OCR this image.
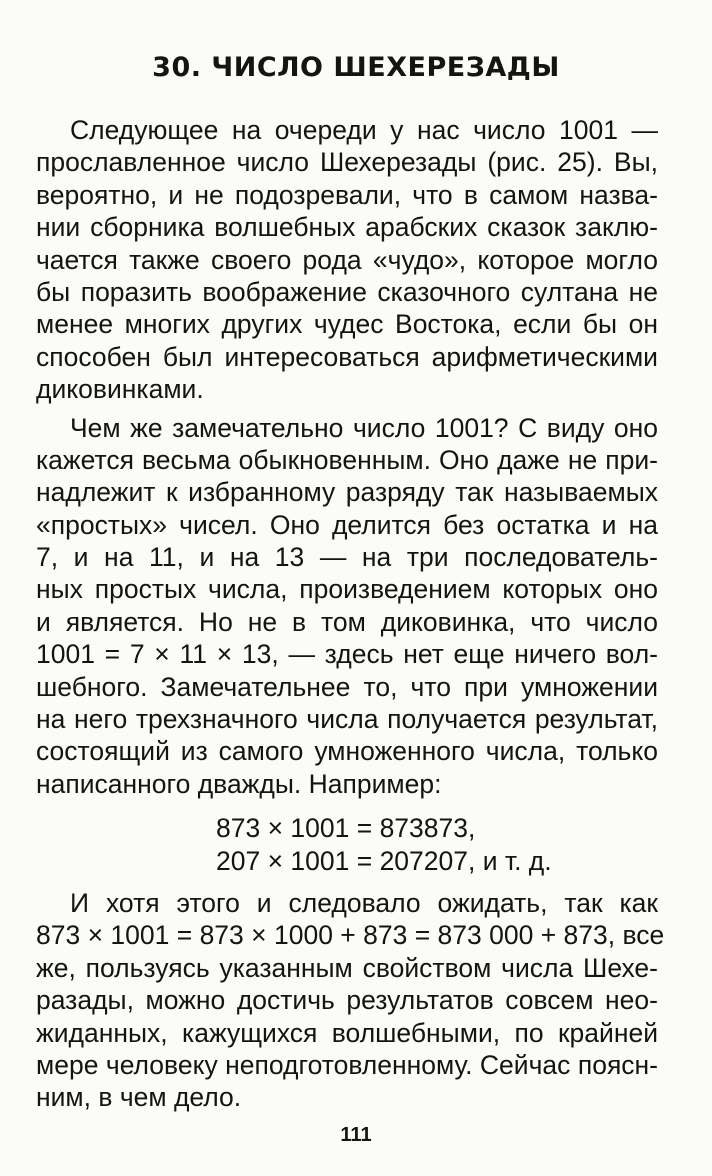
30. ЧИСЛО ШЕХЕРЕЗАДЫ
Следующее на очереди у нас число 1001 —
прославленное число Шехерезады (рис. 25). Вы,
вероятно, и не подозревали, что в самом назва-
нии сборника волшебных арабских сказок заклю-
чается также своего рода «чудо», которое могло
бы поразить воображение сказочного султана не
менее многих других чудес Востока, если бы он
способен был интересоваться арифметическими
диковинками.
Чем же замечательно число 1001? С виду оно
кажется весьма обыкновенным. Оно даже не при-
надлежит к избранному разряду так называемых
«простых» чисел. Оно делится без остатка и на
7, и на 11, и на 13 — на три последователь-
ных простых числа, произведением которых оно
и является. Но не в том диковинка, что число
1001 = 7 × 11 × 13, — здесь нет еще ничего вол-
шебного. Замечательнее то, что при умножении
на него трехзначного числа получается результат,
состоящий из самого умноженного числа, только
написанного дважды. Например:
873 × 1001 = 873873,
207 × 1001 = 207207, и т. д.
И хотя этого и следовало ожидать, так как
873 × 1001 = 873 × 1000 + 873 = 873 000 + 873, все
же, пользуясь указанным свойством числа Шехе-
разады, можно достичь результатов совсем нео-
жиданных, кажущихся волшебными, по крайней
мере человеку неподготовленному. Сейчас поясн-
ним, в чем дело.
111
